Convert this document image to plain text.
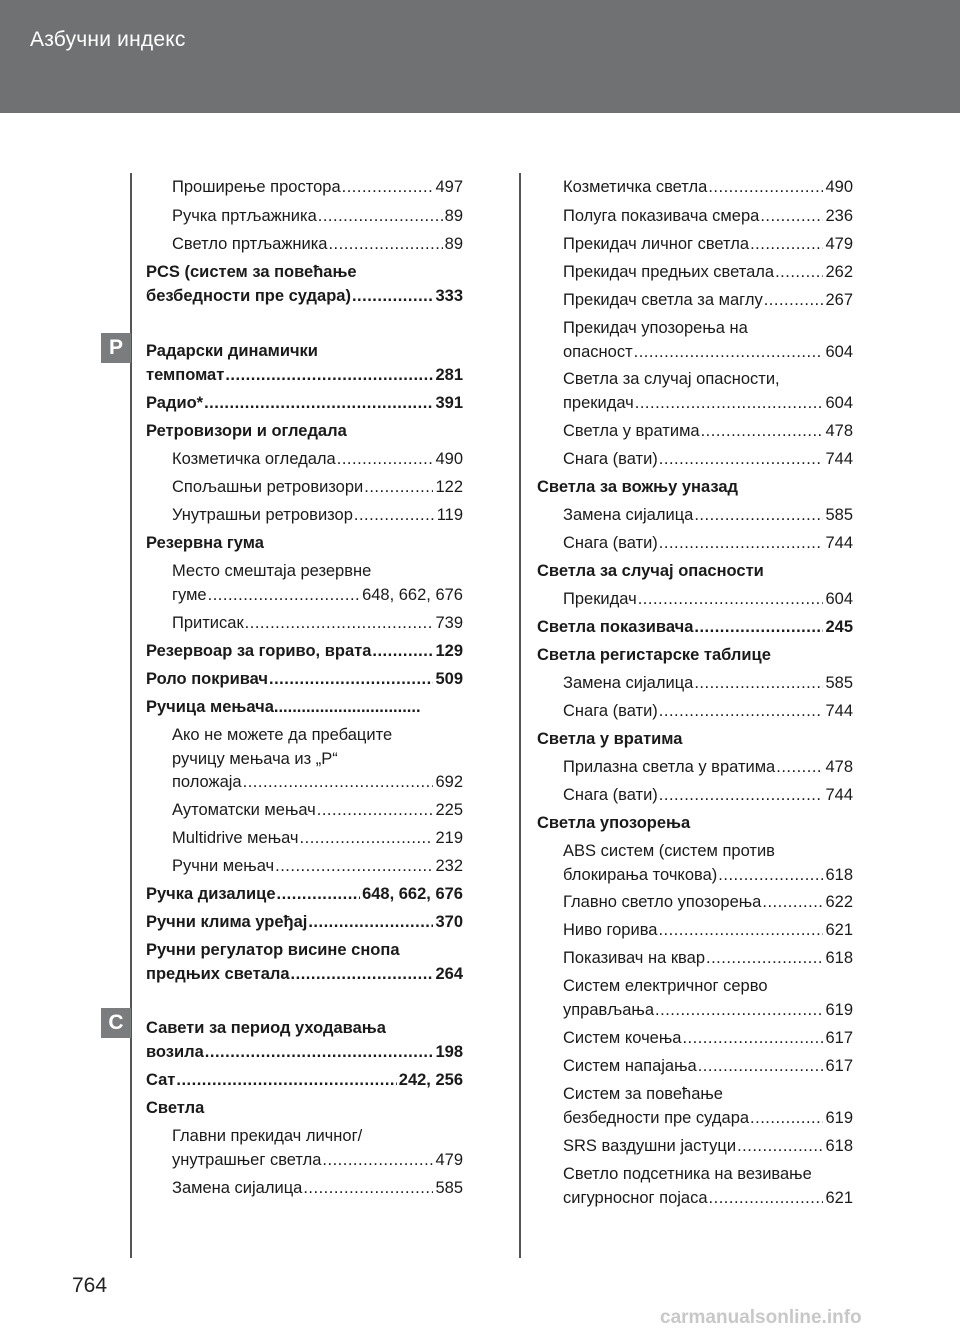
Азбучни индекс
P
C
Проширење простора .....	497
Ручка пртљажника .....	89
Светло пртљажника .....	89
PCS (систем за повећање
безбедности пре судара) .....	333
Радарски динамички
темпомат .....	281
Радио* .....	391
Ретровизори и огледала
Козметичка огледала .....	490
Спољашњи ретровизори .....	122
Унутрашњи ретровизор .....	119
Резервна гума
Место смештаја резервне
гуме .....	648, 662, 676
Притисак .....	739
Резервоар за гориво, врата .....	129
Роло покривач .....	509
Ручица мењача................................
Ако не можете да пребаците
ручицу мењача из „P“
положаја .....	692
Аутоматски мењач .....	225
Multidrive мењач .....	219
Ручни мењач .....	232
Ручка дизалице .....	648, 662, 676
Ручни клима уређај .....	370
Ручни регулатор висине снопа
предњих светала .....	264
Савети за период уходавања
возила .....	198
Сат .....	242, 256
Светла
Главни прекидач личног/
унутрашњег светла .....	479
Замена сијалица .....	585
Козметичка светла .....	490
Полуга показивача смера .....	236
Прекидач личног светла .....	479
Прекидач предњих светала .....	262
Прекидач светла за маглу .....	267
Прекидач упозорења на
опасност .....	604
Светла за случај опасности,
прекидач .....	604
Светла у вратима .....	478
Снага (вати) .....	744
Светла за вожњу уназад
Замена сијалица .....	585
Снага (вати) .....	744
Светла за случај опасности
Прекидач .....	604
Светла показивача .....	245
Светла регистарске таблице
Замена сијалица .....	585
Снага (вати) .....	744
Светла у вратима
Прилазна светла у вратима .....	478
Снага (вати) .....	744
Светла упозорења
ABS систем (систем против
блокирања точкова) .....	618
Главно светло упозорења .....	622
Ниво горива .....	621
Показивач на квар .....	618
Систем електричног серво
управљања .....	619
Систем кочења .....	617
Систем напајања .....	617
Систем за повећање
безбедности пре судара .....	619
SRS ваздушни јастуци .....	618
Светло подсетника на везивање
сигурносног појаса .....	621
764
carmanualsonline.info
